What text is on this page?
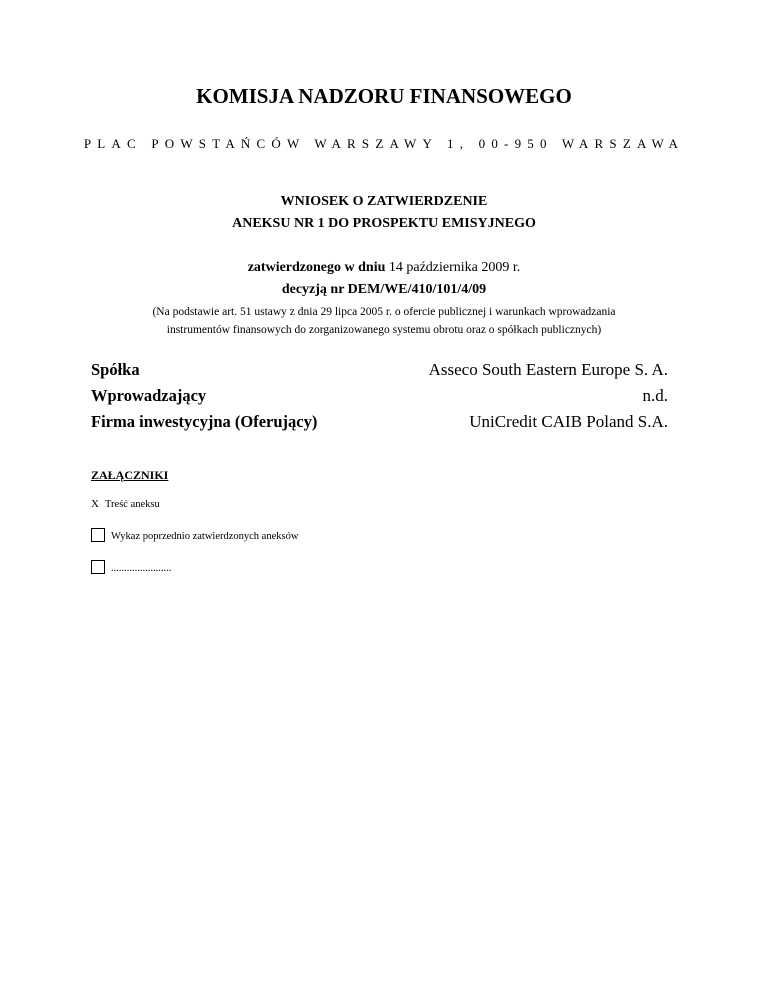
KOMISJA NADZORU FINANSOWEGO
PLAC POWSTAŃCÓW WARSZAWY 1, 00-950 WARSZAWA
WNIOSEK O ZATWIERDZENIE
ANEKSU NR 1 DO PROSPEKTU EMISYJNEGO
zatwierdzonego w dniu 14 października 2009 r.
decyzją nr DEM/WE/410/101/4/09
(Na podstawie art. 51 ustawy z dnia 29 lipca 2005 r. o ofercie publicznej i warunkach wprowadzania
instrumentów finansowych do zorganizowanego systemu obrotu oraz o spółkach publicznych)
Spółka	Asseco South Eastern Europe S. A.
Wprowadzający	n.d.
Firma inwestycyjna (Oferujący)	UniCredit CAIB Poland S.A.
ZAŁĄCZNIKI
X Treść aneksu
Wykaz poprzednio zatwierdzonych aneksów
.......................
